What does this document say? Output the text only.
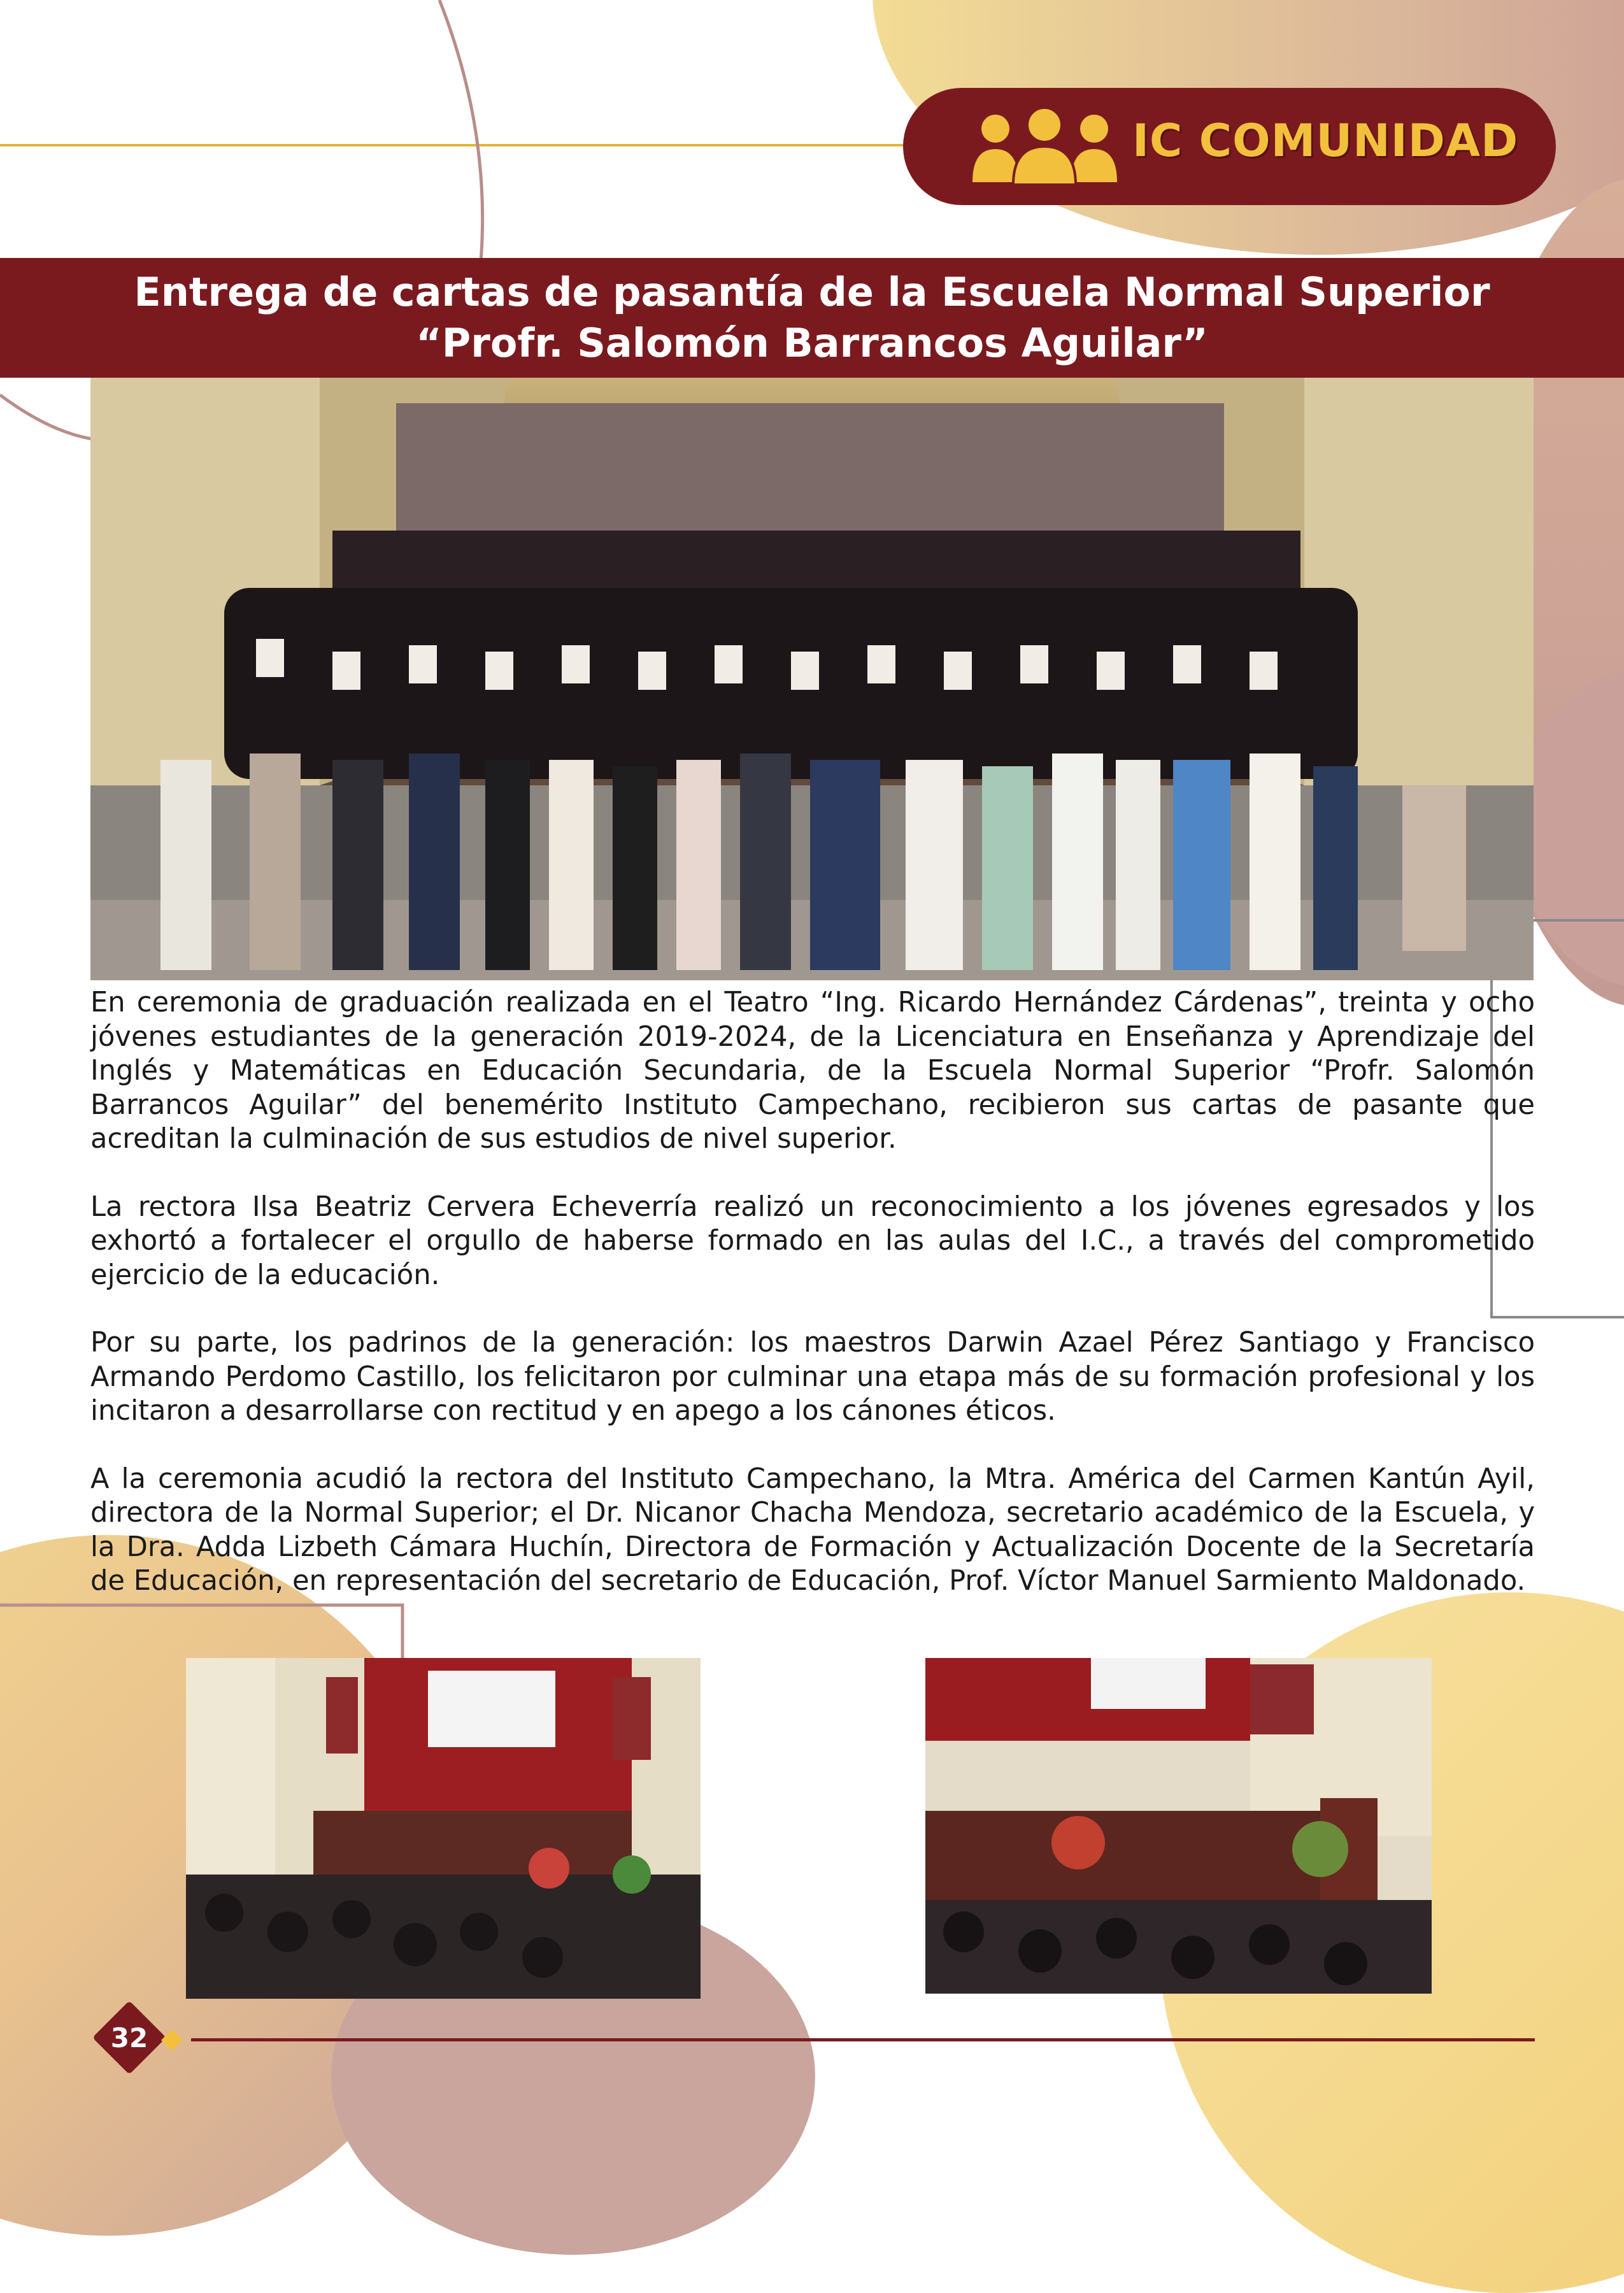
IC COMUNIDAD
Entrega de cartas de pasantía de la Escuela Normal Superior
“Profr. Salomón Barrancos Aguilar”

En ceremonia de graduación realizada en el Teatro “Ing. Ricardo Hernández Cárdenas”, treinta y ocho jóvenes estudiantes de la generación 2019-2024, de la Licenciatura en Enseñanza y Aprendizaje del Inglés y Matemáticas en Educación Secundaria, de la Escuela Normal Superior “Profr. Salomón Barrancos Aguilar” del benemérito Instituto Campechano, recibieron sus cartas de pasante que acreditan la culminación de sus estudios de nivel superior.

La rectora Ilsa Beatriz Cervera Echeverría realizó un reconocimiento a los jóvenes egresados y los exhortó a fortalecer el orgullo de haberse formado en las aulas del I.C., a través del comprometido ejercicio de la educación.

Por su parte, los padrinos de la generación: los maestros Darwin Azael Pérez Santiago y Francisco Armando Perdomo Castillo, los felicitaron por culminar una etapa más de su formación profesional y los incitaron a desarrollarse con rectitud y en apego a los cánones éticos.

A la ceremonia acudió la rectora del Instituto Campechano, la Mtra. América del Carmen Kantún Ayil, directora de la Normal Superior; el Dr. Nicanor Chacha Mendoza, secretario académico de la Escuela, y la Dra. Adda Lizbeth Cámara Huchín, Directora de Formación y Actualización Docente de la Secretaría de Educación, en representación del secretario de Educación, Prof. Víctor Manuel Sarmiento Maldonado.

32
